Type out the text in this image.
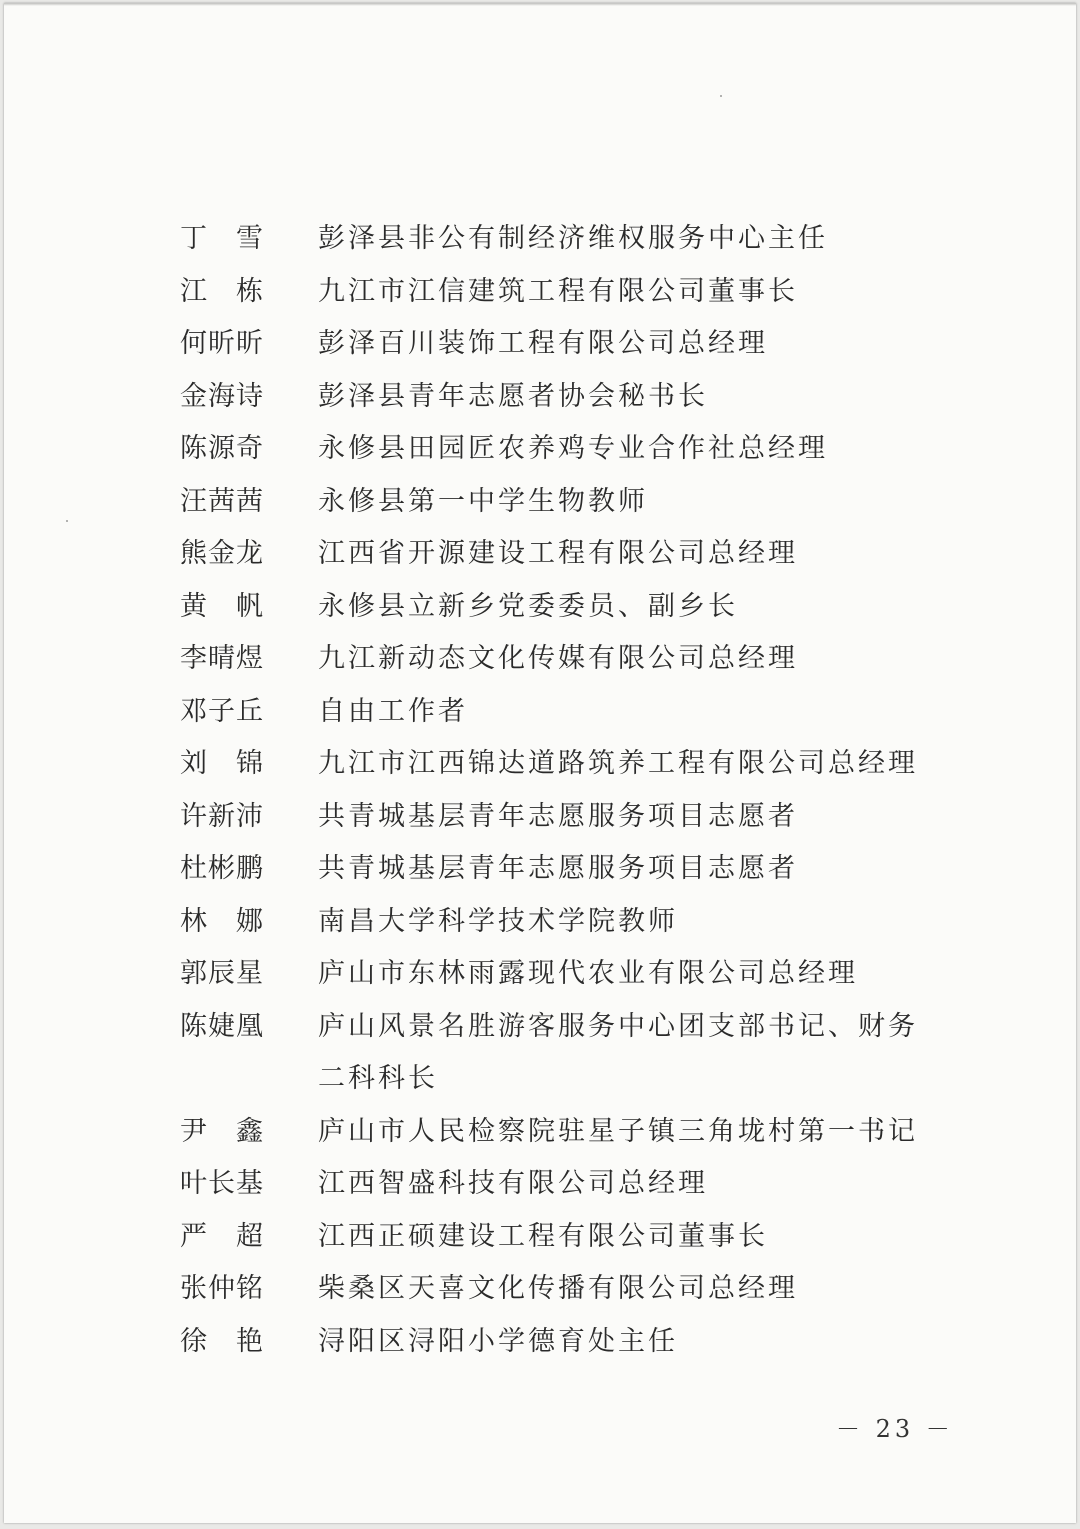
丁　雪	彭泽县非公有制经济维权服务中心主任
江　栋	九江市江信建筑工程有限公司董事长
何昕昕	彭泽百川装饰工程有限公司总经理
金海诗	彭泽县青年志愿者协会秘书长
陈源奇	永修县田园匠农养鸡专业合作社总经理
汪茜茜	永修县第一中学生物教师
熊金龙	江西省开源建设工程有限公司总经理
黄　帆	永修县立新乡党委委员、副乡长
李晴煜	九江新动态文化传媒有限公司总经理
邓子丘	自由工作者
刘　锦	九江市江西锦达道路筑养工程有限公司总经理
许新沛	共青城基层青年志愿服务项目志愿者
杜彬鹏	共青城基层青年志愿服务项目志愿者
林　娜	南昌大学科学技术学院教师
郭辰星	庐山市东林雨露现代农业有限公司总经理
陈婕凰	庐山风景名胜游客服务中心团支部书记、财务
二科科长
尹　鑫	庐山市人民检察院驻星子镇三角垅村第一书记
叶长基	江西智盛科技有限公司总经理
严　超	江西正硕建设工程有限公司董事长
张仲铭	柴桑区天喜文化传播有限公司总经理
徐　艳	浔阳区浔阳小学德育处主任
－ 23 －
